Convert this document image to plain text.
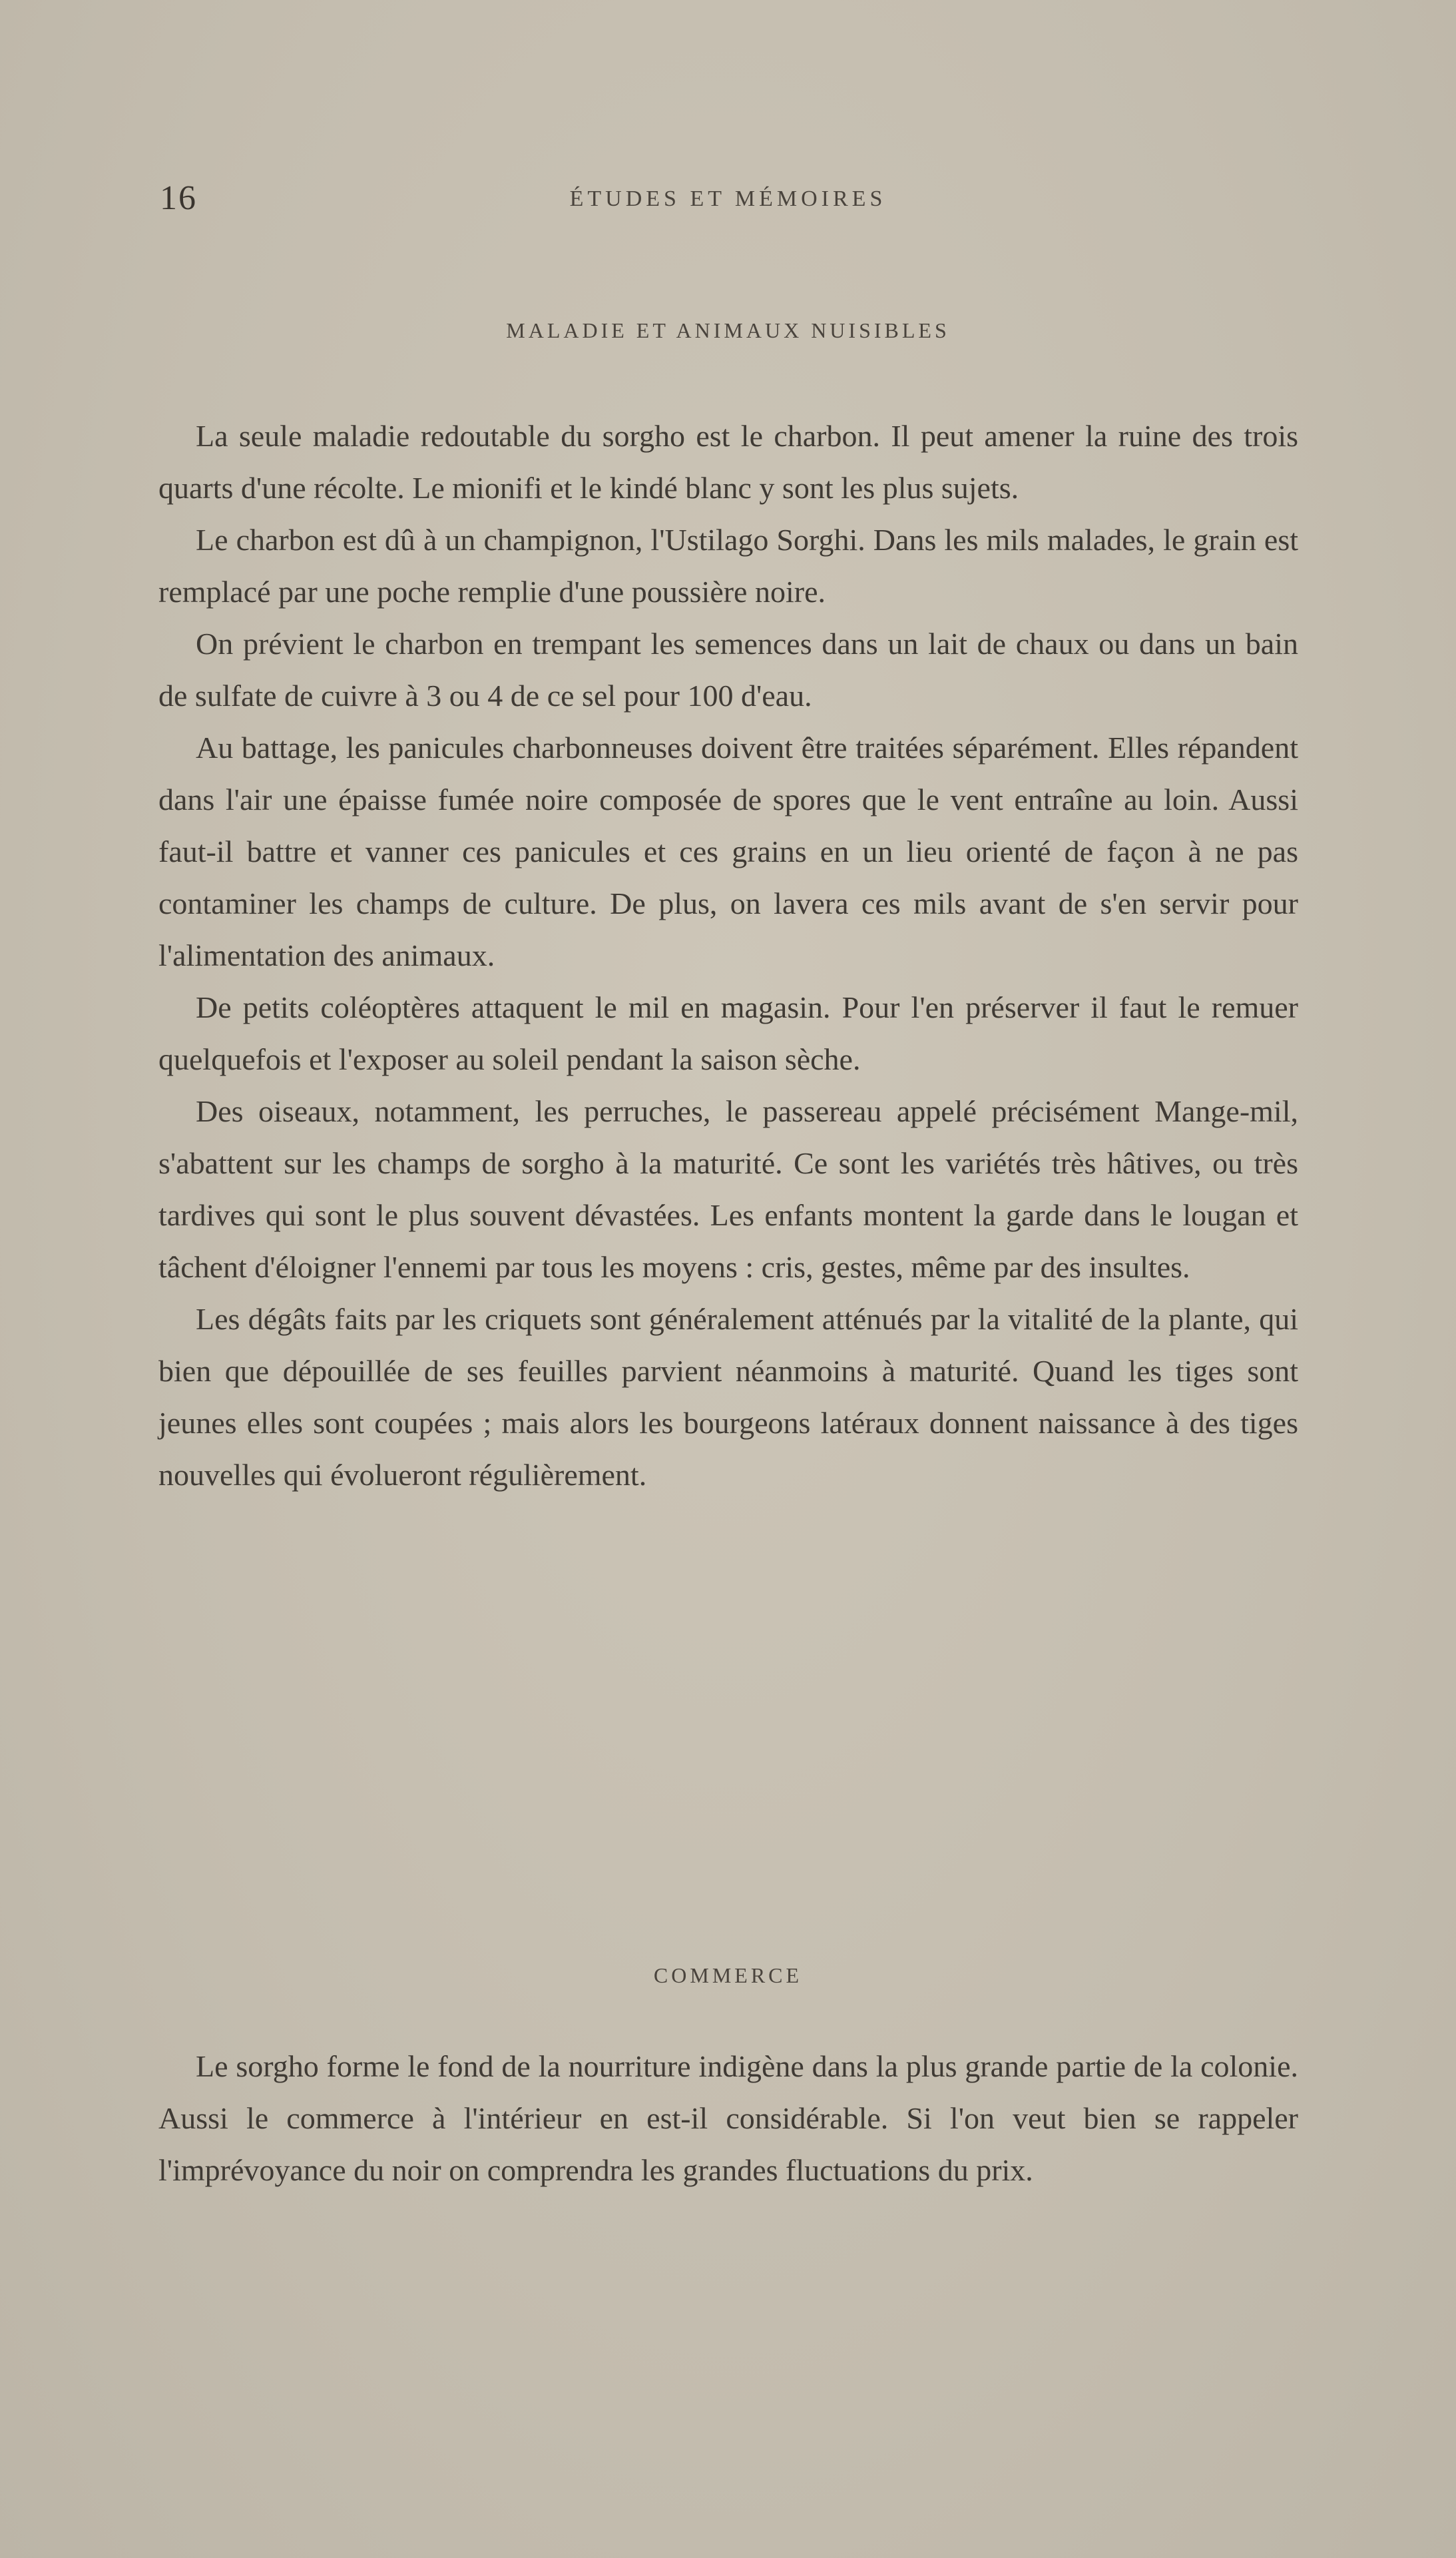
16	ÉTUDES ET MÉMOIRES
MALADIE ET ANIMAUX NUISIBLES

La seule maladie redoutable du sorgho est le charbon. Il peut amener la ruine des trois quarts d'une récolte. Le mionifi et le kindé blanc y sont les plus sujets.

Le charbon est dû à un champignon, l'Ustilago Sorghi. Dans les mils malades, le grain est remplacé par une poche remplie d'une poussière noire.

On prévient le charbon en trempant les semences dans un lait de chaux ou dans un bain de sulfate de cuivre à 3 ou 4 de ce sel pour 100 d'eau.

Au battage, les panicules charbonneuses doivent être traitées séparément. Elles répandent dans l'air une épaisse fumée noire composée de spores que le vent entraîne au loin. Aussi faut-il battre et vanner ces panicules et ces grains en un lieu orienté de façon à ne pas contaminer les champs de culture. De plus, on lavera ces mils avant de s'en servir pour l'alimentation des animaux.

De petits coléoptères attaquent le mil en magasin. Pour l'en préserver il faut le remuer quelquefois et l'exposer au soleil pendant la saison sèche.

Des oiseaux, notamment, les perruches, le passereau appelé précisément Mange-mil, s'abattent sur les champs de sorgho à la maturité. Ce sont les variétés très hâtives, ou très tardives qui sont le plus souvent dévastées. Les enfants montent la garde dans le lougan et tâchent d'éloigner l'ennemi par tous les moyens : cris, gestes, même par des insultes.

Les dégâts faits par les criquets sont généralement atténués par la vitalité de la plante, qui bien que dépouillée de ses feuilles parvient néanmoins à maturité. Quand les tiges sont jeunes elles sont coupées ; mais alors les bourgeons latéraux donnent naissance à des tiges nouvelles qui évolueront régulièrement.

COMMERCE

Le sorgho forme le fond de la nourriture indigène dans la plus grande partie de la colonie. Aussi le commerce à l'intérieur en est-il considérable. Si l'on veut bien se rappeler l'imprévoyance du noir on comprendra les grandes fluctuations du prix.
